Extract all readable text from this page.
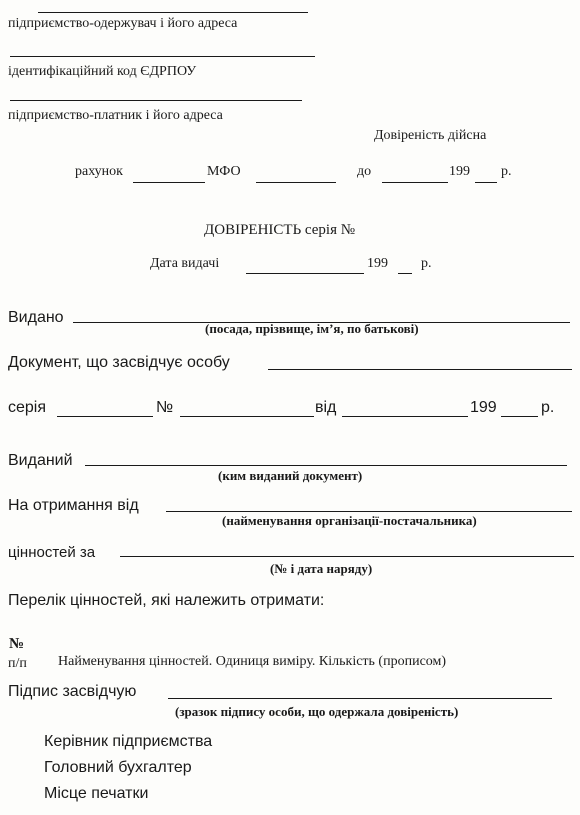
підприємство-одержувач і його адреса
ідентифікаційний код ЄДРПОУ
підприємство-платник і його адреса
Довіреність дійсна
рахунок	МФО	до	199 р.
ДОВІРЕНІСТЬ серія №
Дата видачі	199 р.
Видано
(посада, прізвище, ім’я, по батькові)
Документ, що засвідчує особу
серія	№	від	199	р.
Виданий
(ким виданий документ)
На отримання від
(найменування організації-постачальника)
цінностей за
(№ і дата наряду)
Перелік цінностей, які належить отримати:
№
п/п Найменування цінностей. Одиниця виміру. Кількість (прописом)
Підпис засвідчую
(зразок підпису особи, що одержала довіреність)
Керівник підприємства
Головний бухгалтер
Місце печатки
